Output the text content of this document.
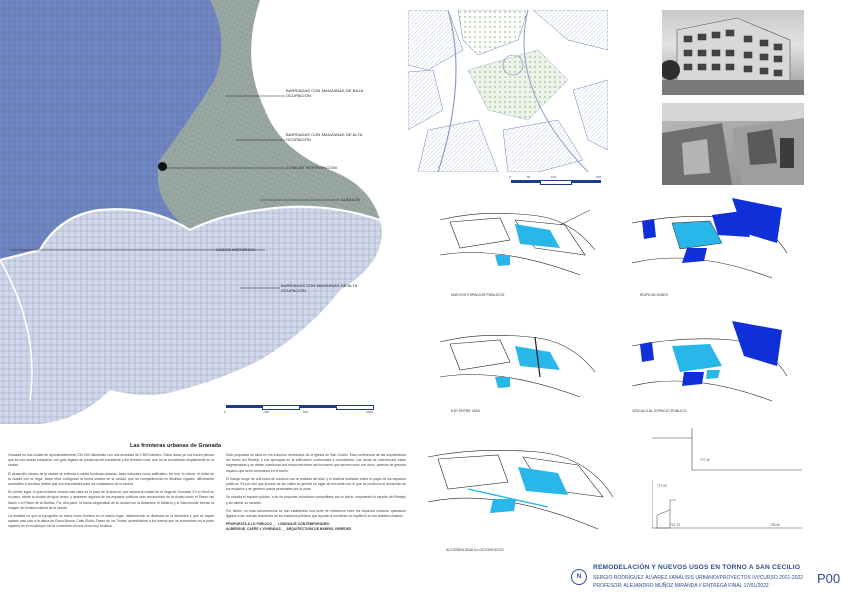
BARRIADAS CON MANZANAS DE BAJA OCUPACIÓN
BARRIADAS CON MANZANAS DE ALTA OCUPACIÓN
ZONA DE INTERVENCIÓN
ALBAICÍN
CASCO HISTÓRICO
BARRIADAS CON MANZANAS DE ALTA OCUPACIÓN
0	250	500	1000
Las fronteras urbanas de Granada

Granada es una ciudad de aproximadamente 230.000 habitantes con una densidad de 2.500 hab/km². Estos datos ya nos hacen pensar que es una ciudad compacta, con gran legado de presencia del estudiante y del territorio rural, que no se encuentran ampliamente en la ciudad.

El desarrollo urbano de la ciudad se enfrenta a varias fronteras urbanas, tanto naturales como artificiales: los ríos, el relieve, el límite de la ciudad con la Vega, todos ellos configuran la forma urbana de la ciudad, que se compartimenta en distintos lugares, difícilmente accesibles a escasos límites que son importantes para los ciudadanos de la ciudad.

En primer lugar, la gran frontera urbana más clara es el paso de la autovía, que separa la ciudad de la Vega de Granada. El río Genil es su paso, divide la ciudad de igual modo, y aparecen algunos de los espacios públicos más reconocidos de la ciudad como el Paseo del Salón o el Paseo de la Bomba. Por otra parte, la trama longitudinal de la ciudad con la Alhambra, el Albaicín y el Sacromonte forman la imagen de frontera natural de la ciudad.

La realidad es que la topografía no actúa como frontera en el mismo lugar, manteniendo la distancia de la Alhambra y que se hayan sacado casi sólo a la altura de Plaza Nueva, Calle Elvira, Paseo de los Tristes, accesibilidad a los barrios que se encuentran en la parte superior de la ciudad que se ha convertido en una zona muy turística.

Esta propuesta se sitúa en los entornos inmediatos de la Iglesia de San Cecilio. Esta confluencia de las arquitecturas del barrio del Realejo y sus tipologías en la edificación conformada y consolidada. Las áreas de intervención están fragmentadas y se deben cuestionar sus relaciones entre las funciones que ejercen unos con otros, además de generar espacio que sean necesarios en el barrio.

El trabajo surge de una toma de contacto con la realidad del sitio, y el análisis realizado sobre el papel de los espacios públicos. Es por ello que al paso de las calles se genera un lugar de encuentro en el que se produzca el desarrollo de los espacios y se generen pasos peatonales por la zona.

Se estudia el espacio público, a fin de proponer soluciones compatibles con el barrio, respetando el espíritu del Realejo y sin alterar su carácter.

Por último, en esta consecuencia se han establecido una serie de relaciones entre los espacios urbanos, quedando ligados a las nuevas relaciones de los espacios públicos que ayudan a mantener un equilibrio en los ámbitos urbanos.

PROPUESTA A LO PÚBLICO___ LENGUAJE CONTEMPORÁNEO

ALBERGUE, CAFÉS Y VIVIENDAS___ARQUITECTURA DE BARRIO, PAREDES

0	50	100	200
NUEVOS ESPACIOS PÚBLICOS	EDIFICACIONES
EJE ENTRE VÍAS	VÍNCULO AL ESPACIO PÚBLICO
ACCESIBILIDAD A LOS EDIFICIOS
727.40
777.00
712.70	739.40
N
REMODELACIÓN Y NUEVOS USOS EN TORNO A SAN CECILIO
SERGIO RODRÍGUEZ ÁLVAREZ //ANÁLISIS URBANO//PROYECTOS IV//CURSO 2021-2022
PROFESOR: ALEJANDRO MUÑOZ MIRANDA // ENTREGA FINAL 17/01/2022	P00
